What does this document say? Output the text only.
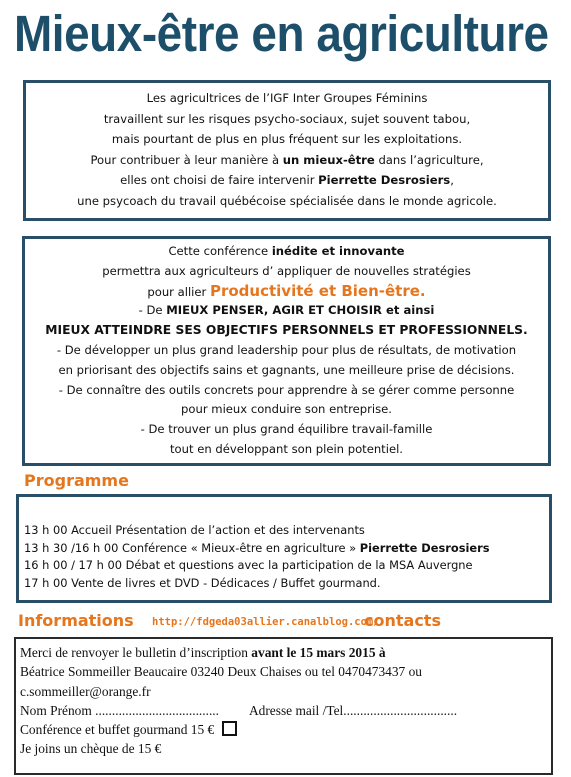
Mieux-être en agriculture
Les agricultrices de l’IGF Inter Groupes Féminins
travaillent sur les risques psycho-sociaux, sujet souvent tabou,
mais pourtant de plus en plus fréquent sur les exploitations.
Pour contribuer à leur manière à un mieux-être dans l’agriculture,
elles ont choisi de faire intervenir Pierrette Desrosiers,
une psycoach du travail québécoise spécialisée dans le monde agricole.
Cette conférence inédite et innovante
permettra aux agriculteurs d’ appliquer de nouvelles stratégies
pour allier Productivité et Bien-être.
- De MIEUX PENSER, AGIR ET CHOISIR et ainsi
MIEUX ATTEINDRE SES OBJECTIFS PERSONNELS ET PROFESSIONNELS.
- De développer un plus grand leadership pour plus de résultats, de motivation
en priorisant des objectifs sains et gagnants, une meilleure prise de décisions.
- De connaître des outils concrets pour apprendre à se gérer comme personne
pour mieux conduire son entreprise.
- De trouver un plus grand équilibre travail-famille
tout en développant son plein potentiel.
Programme
13 h 00 Accueil Présentation de l’action et des intervenants
13 h 30 /16 h 00 Conférence « Mieux-être en agriculture » Pierrette Desrosiers
16 h 00 / 17 h 00 Débat et questions avec la participation de la MSA Auvergne
17 h 00 Vente de livres et DVD - Dédicaces / Buffet gourmand.
Informations http://fdgeda03allier.canalblog.com/
contacts
Merci de renvoyer le bulletin d’inscription avant le 15 mars 2015 à
Béatrice Sommeiller Beaucaire 03240 Deux Chaises ou tel 0470473437 ou
c.sommeiller@orange.fr
Nom Prénom ..................................... Adresse mail /Tel..................................
Conférence et buffet gourmand 15 €
Je joins un chèque de 15 €
